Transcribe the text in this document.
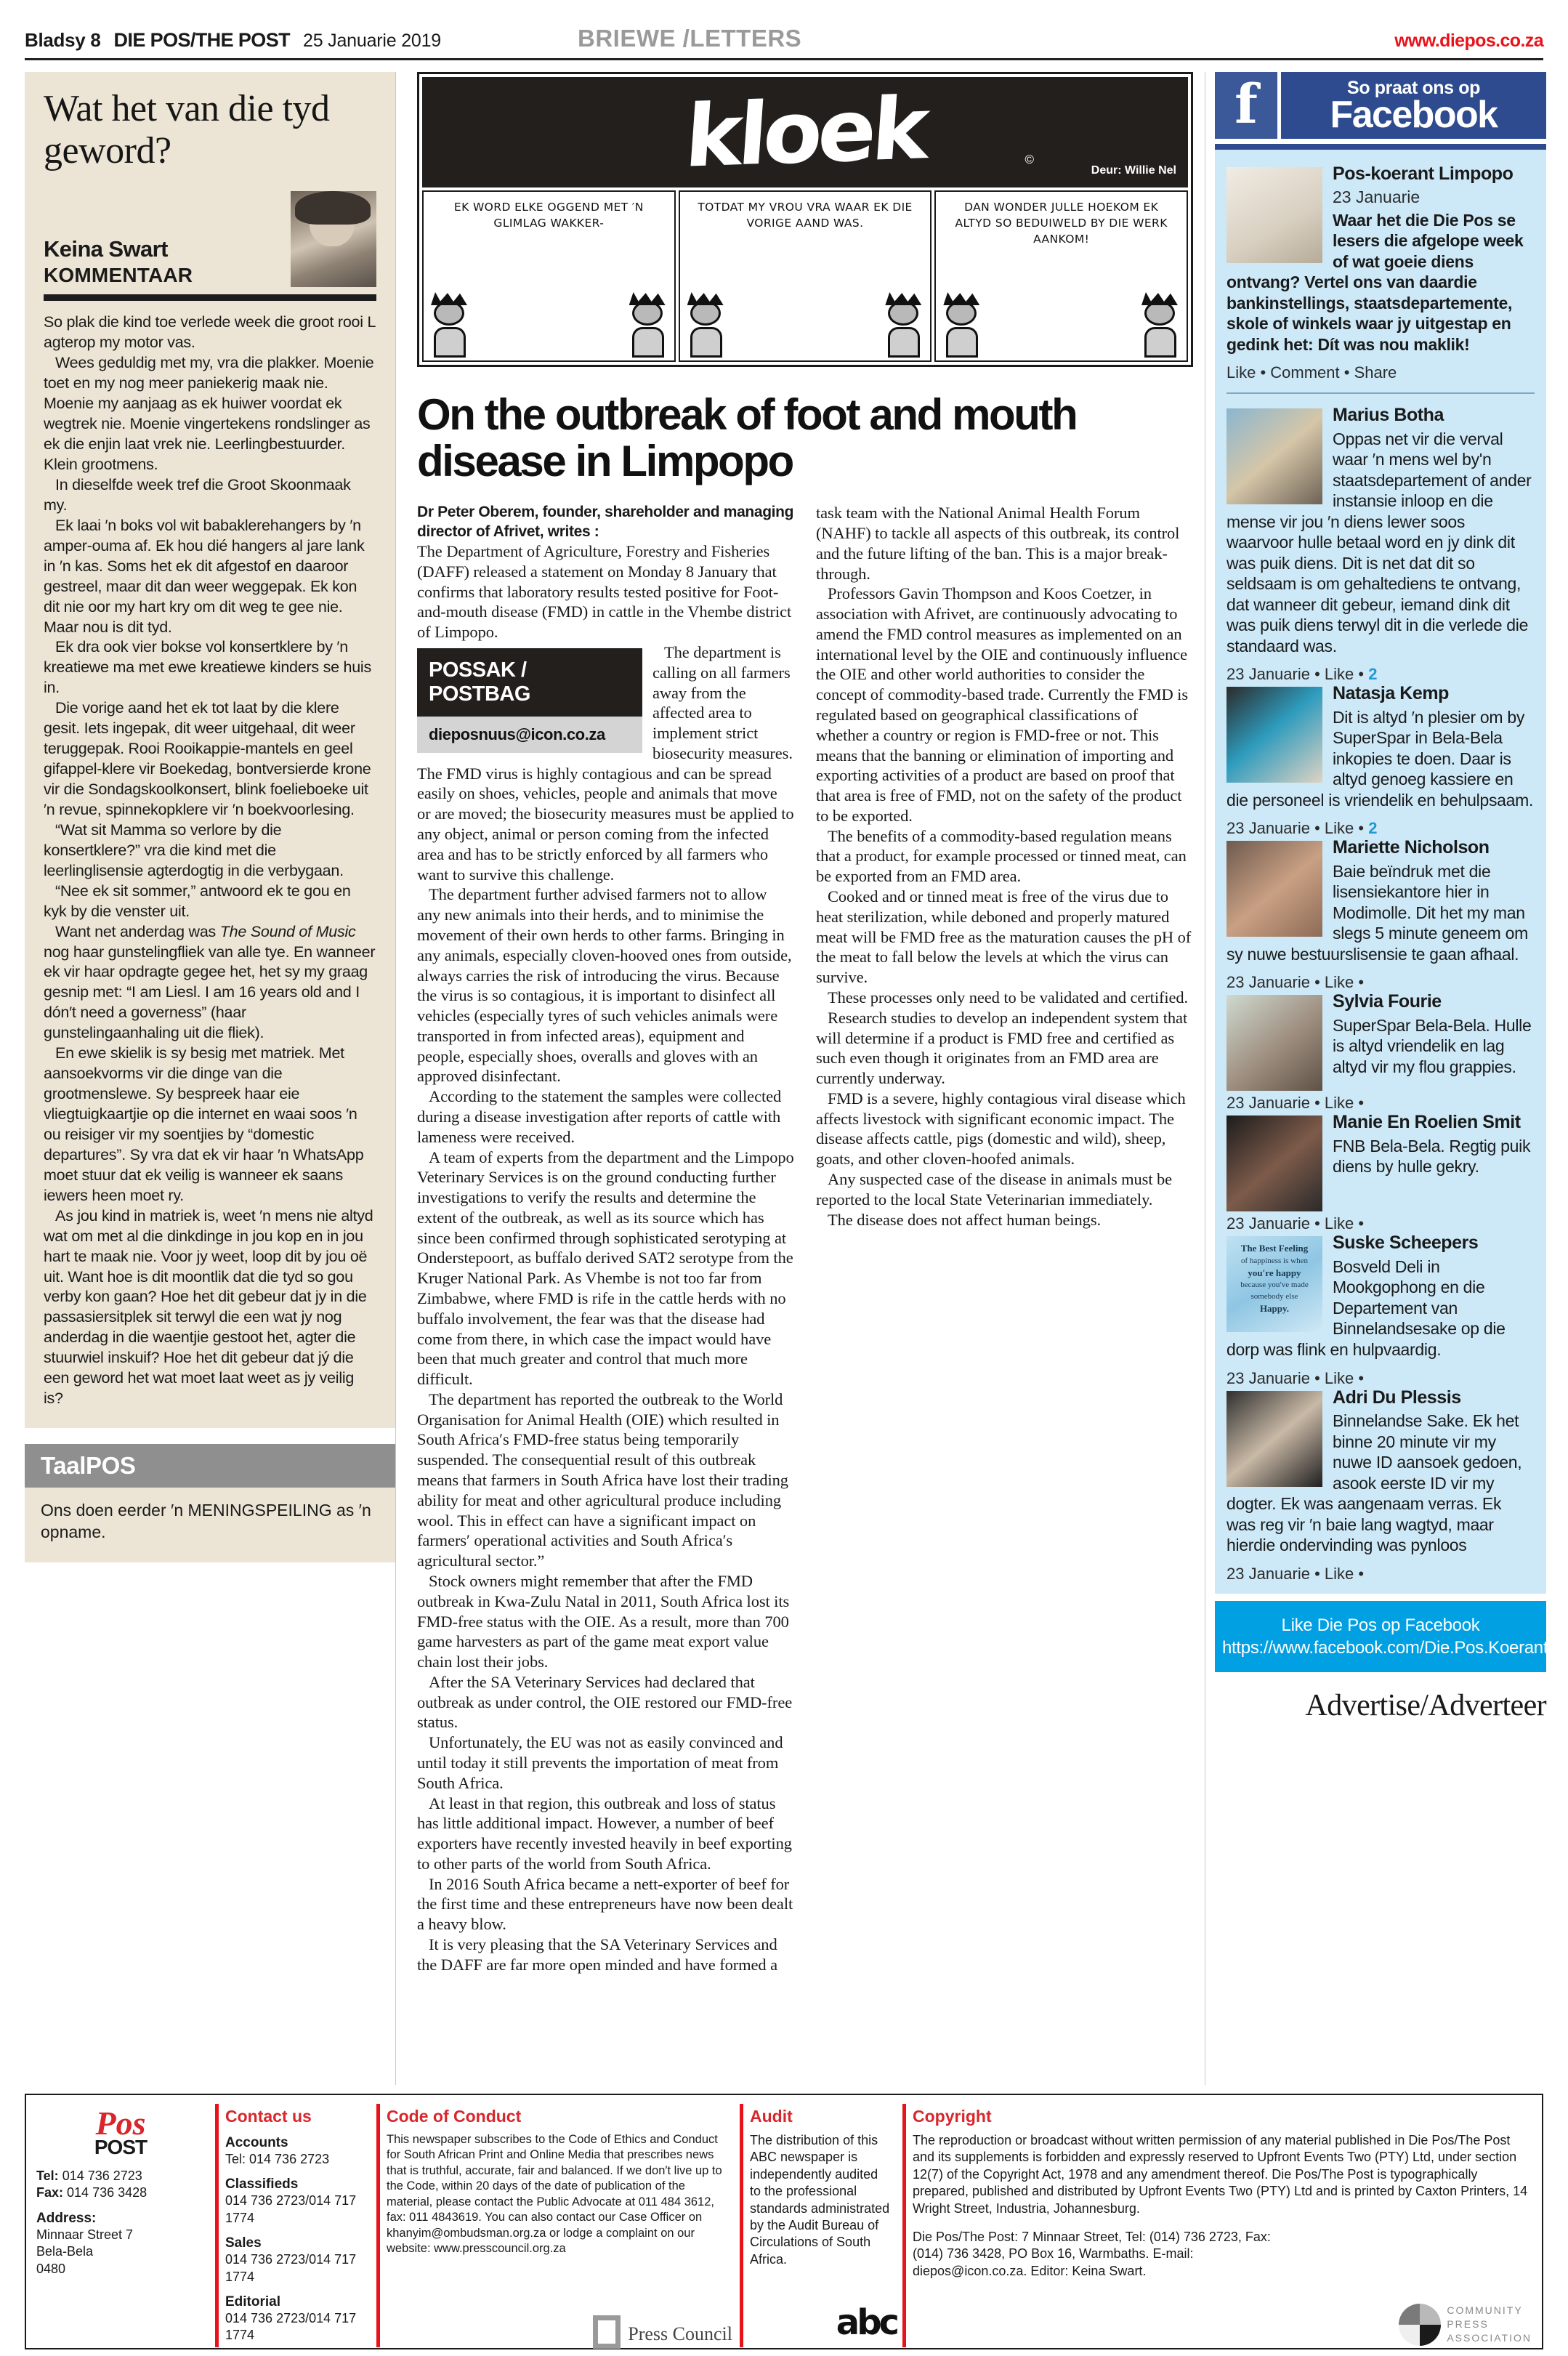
Bladsy 8 DIE POS/THE POST 25 Januarie 2019	BRIEWE /LETTERS	www.diepos.co.za
Wat het van die tyd geword?
Keina Swart
KOMMENTAAR

So plak die kind toe verlede week die groot rooi L agterop my motor vas.

Wees geduldig met my, vra die plakker. Moenie toet en my nog meer paniekerig maak nie. Moenie my aanjaag as ek huiwer voordat ek wegtrek nie. Moenie vingertekens rondslinger as ek die enjin laat vrek nie. Leerlingbestuurder. Klein grootmens.

In dieselfde week tref die Groot Skoonmaak my.

Ek laai ′n boks vol wit babaklerehangers by ′n amper-ouma af. Ek hou dié hangers al jare lank in ′n kas. Soms het ek dit afgestof en daaroor gestreel, maar dit dan weer weggepak. Ek kon dit nie oor my hart kry om dit weg te gee nie. Maar nou is dit tyd.

Ek dra ook vier bokse vol konsertklere by ′n kreatiewe ma met ewe kreatiewe kinders se huis in.

Die vorige aand het ek tot laat by die klere gesit. Iets ingepak, dit weer uitgehaal, dit weer teruggepak. Rooi Rooikappie-mantels en geel gifappel-klere vir Boekedag, bontversierde krone vir die Sondagskoolkonsert, blink foelieboeke uit ′n revue, spinnekopklere vir ′n boekvoorlesing.

“Wat sit Mamma so verlore by die konsertklere?” vra die kind met die leerlinglisensie agterdogtig in die verbygaan.

“Nee ek sit sommer,” antwoord ek te gou en kyk by die venster uit.

Want net anderdag was The Sound of Music nog haar gunstelingfliek van alle tye. En wanneer ek vir haar opdragte gegee het, het sy my graag gesnip met: “I am Liesl. I am 16 years old and I dón′t need a governess” (haar gunstelingaanhaling uit die fliek).

En ewe skielik is sy besig met matriek. Met aansoekvorms vir die dinge van die grootmenslewe. Sy bespreek haar eie vliegtuigkaartjie op die internet en waai soos ′n ou reisiger vir my soentjies by “domestic departures”. Sy vra dat ek vir haar ′n WhatsApp moet stuur dat ek veilig is wanneer ek saans iewers heen moet ry.

As jou kind in matriek is, weet ′n mens nie altyd wat om met al die dinkdinge in jou kop en in jou hart te maak nie. Voor jy weet, loop dit by jou oë uit. Want hoe is dit moontlik dat die tyd so gou verby kon gaan? Hoe het dit gebeur dat jy in die passasiersitplek sit terwyl die een wat jy nog anderdag in die waentjie gestoot het, agter die stuurwiel inskuif? Hoe het dit gebeur dat jý die een geword het wat moet laat weet as jy veilig is?

TaalPOS
Ons doen eerder ′n MENINGSPEILING as ′n opname.
kloek	©
Deur: Willie Nel
EK WORD ELKE OGGEND MET ′N GLIMLAG WAKKER-
TOTDAT MY VROU VRA WAAR EK DIE VORIGE AAND WAS.
DAN WONDER JULLE HOEKOM EK ALTYD SO BEDUIWELD BY DIE WERK AANKOM!
On the outbreak of foot and mouth disease in Limpopo
Dr Peter Oberem, founder, shareholder and managing director of Afrivet, writes :

The Department of Agriculture, Forestry and Fisheries (DAFF) released a statement on Monday 8 January that confirms that laboratory results tested positive for Foot-and-mouth disease (FMD) in cattle in the Vhembe district of Limpopo.

POSSAK / POSTBAG
dieposnuus@icon.co.za

The department is calling on all farmers away from the affected area to implement strict biosecurity measures. The FMD virus is highly contagious and can be spread easily on shoes, vehicles, people and animals that move or are moved; the biosecurity measures must be applied to any object, animal or person coming from the infected area and has to be strictly enforced by all farmers who want to survive this challenge.

The department further advised farmers not to allow any new animals into their herds, and to minimise the movement of their own herds to other farms. Bringing in any animals, especially cloven-hooved ones from outside, always carries the risk of introducing the virus. Because the virus is so contagious, it is important to disinfect all vehicles (especially tyres of such vehicles animals were transported in from infected areas), equipment and people, especially shoes, overalls and gloves with an approved disinfectant.

According to the statement the samples were collected during a disease investigation after reports of cattle with lameness were received.

A team of experts from the department and the Limpopo Veterinary Services is on the ground conducting further investigations to verify the results and determine the extent of the outbreak, as well as its source which has since been confirmed through sophisticated serotyping at Onderstepoort, as buffalo derived SAT2 serotype from the Kruger National Park. As Vhembe is not too far from Zimbabwe, where FMD is rife in the cattle herds with no buffalo involvement, the fear was that the disease had come from there, in which case the impact would have been that much greater and control that much more difficult.

The department has reported the outbreak to the World Organisation for Animal Health (OIE) which resulted in South Africa′s FMD-free status being temporarily suspended. The consequential result of this outbreak means that farmers in South Africa have lost their trading ability for meat and other agricultural produce including wool. This in effect can have a significant impact on farmers′ operational activities and South Africa′s agricultural sector.”

Stock owners might remember that after the FMD outbreak in Kwa-Zulu Natal in 2011, South Africa lost its FMD-free status with the OIE. As a result, more than 700 game harvesters as part of the game meat export value chain lost their jobs.

After the SA Veterinary Services had declared that outbreak as under control, the OIE restored our FMD-free status.

Unfortunately, the EU was not as easily convinced and until today it still prevents the importation of meat from South Africa.

At least in that region, this outbreak and loss of status has little additional impact. However, a number of beef exporters have recently invested heavily in beef exporting to other parts of the world from South Africa.

In 2016 South Africa became a nett-exporter of beef for the first time and these entrepreneurs have now been dealt a heavy blow.

It is very pleasing that the SA Veterinary Services and the DAFF are far more open minded and have formed a task team with the National Animal Health Forum (NAHF) to tackle all aspects of this outbreak, its control and the future lifting of the ban. This is a major break-through.

Professors Gavin Thompson and Koos Coetzer, in association with Afrivet, are continuously advocating to amend the FMD control measures as implemented on an international level by the OIE and continuously influence the OIE and other world authorities to consider the concept of commodity-based trade. Currently the FMD is regulated based on geographical classifications of whether a country or region is FMD-free or not. This means that the banning or elimination of importing and exporting activities of a product are based on proof that that area is free of FMD, not on the safety of the product to be exported.

The benefits of a commodity-based regulation means that a product, for example processed or tinned meat, can be exported from an FMD area.

Cooked and or tinned meat is free of the virus due to heat sterilization, while deboned and properly matured meat will be FMD free as the maturation causes the pH of the meat to fall below the levels at which the virus can survive.

These processes only need to be validated and certified.

Research studies to develop an independent system that will determine if a product is FMD free and certified as such even though it originates from an FMD area are currently underway.

FMD is a severe, highly contagious viral disease which affects livestock with significant economic impact. The disease affects cattle, pigs (domestic and wild), sheep, goats, and other cloven-hoofed animals.

Any suspected case of the disease in animals must be reported to the local State Veterinarian immediately.

The disease does not affect human beings.

f	So praat ons op
Facebook
Pos-koerant Limpopo
23 Januarie
Waar het die Die Pos se lesers die afgelope week of wat goeie diens ontvang? Vertel ons van daardie bankinstellings, staatsdepartemente, skole of winkels waar jy uitgestap en gedink het: Dít was nou maklik!
Like • Comment • Share
Marius Botha
Oppas net vir die verval waar ′n mens wel by'n staatsdepartement of ander instansie inloop en die mense vir jou ′n diens lewer soos waarvoor hulle betaal word en jy dink dit was puik diens. Dit is net dat dit so seldsaam is om gehaltediens te ontvang, dat wanneer dit gebeur, iemand dink dit was puik diens terwyl dit in die verlede die standaard was.
23 Januarie • Like • 2
Natasja Kemp
Dit is altyd ′n plesier om by SuperSpar in Bela-Bela inkopies te doen. Daar is altyd genoeg kassiere en die personeel is vriendelik en behulpsaam.
23 Januarie • Like • 2
Mariette Nicholson
Baie beïndruk met die lisensiekantore hier in Modimolle. Dit het my man slegs 5 minute geneem om sy nuwe bestuurslisensie te gaan afhaal.
23 Januarie • Like •
Sylvia Fourie
SuperSpar Bela-Bela. Hulle is altyd vriendelik en lag altyd vir my flou grappies.
23 Januarie • Like •
Manie En Roelien Smit
FNB Bela-Bela. Regtig puik diens by hulle gekry.
23 Januarie • Like •
The Best Feeling
of happiness is when

you′re happy
because you′ve made
somebody else

Happy.
Suske Scheepers
Bosveld Deli in Mookgophong en die Departement van Binnelandsesake op die dorp was flink en hulpvaardig.
23 Januarie • Like •
Adri Du Plessis
Binnelandse Sake. Ek het binne 20 minute vir my nuwe ID aansoek gedoen, asook eerste ID vir my dogter. Ek was aangenaam verras. Ek was reg vir ′n baie lang wagtyd, maar hierdie ondervinding was pynloos
23 Januarie • Like •
Like Die Pos op Facebook https://www.facebook.com/Die.Pos.Koerant
Advertise/Adverteer
Pos
POST
Tel: 014 736 2723
Fax: 014 736 3428
Address:
Minnaar Street 7
Bela-Bela
0480
Contact us
Accounts
Tel: 014 736 2723
Classifieds
014 736 2723/014 717 1774
Sales
014 736 2723/014 717 1774
Editorial
014 736 2723/014 717 1774
Code of Conduct
This newspaper subscribes to the Code of Ethics and Conduct for South African Print and Online Media that prescribes news that is truthful, accurate, fair and balanced. If we don′t live up to the Code, within 20 days of the date of publication of the material, please contact the Public Advocate at 011 484 3612, fax: 011 4843619. You can also contact our Case Officer on khanyim@ombudsman.org.za or lodge a complaint on our website: www.presscouncil.org.za
Press Council
Audit
The distribution of this ABC newspaper is independently audited to the professional standards administrated by the Audit Bureau of Circulations of South Africa.
abc
Copyright
The reproduction or broadcast without written permission of any material published in Die Pos/The Post and its supplements is forbidden and expressly reserved to Upfront Events Two (PTY) Ltd, under section 12(7) of the Copyright Act, 1978 and any amendment thereof. Die Pos/The Post is typographically prepared, published and distributed by Upfront Events Two (PTY) Ltd and is printed by Caxton Printers, 14 Wright Street, Industria, Johannesburg.
Die Pos/The Post: 7 Minnaar Street, Tel: (014) 736 2723, Fax: (014) 736 3428, PO Box 16, Warmbaths. E-mail: diepos@icon.co.za. Editor: Keina Swart.
COMMUNITY
PRESS
ASSOCIATION
